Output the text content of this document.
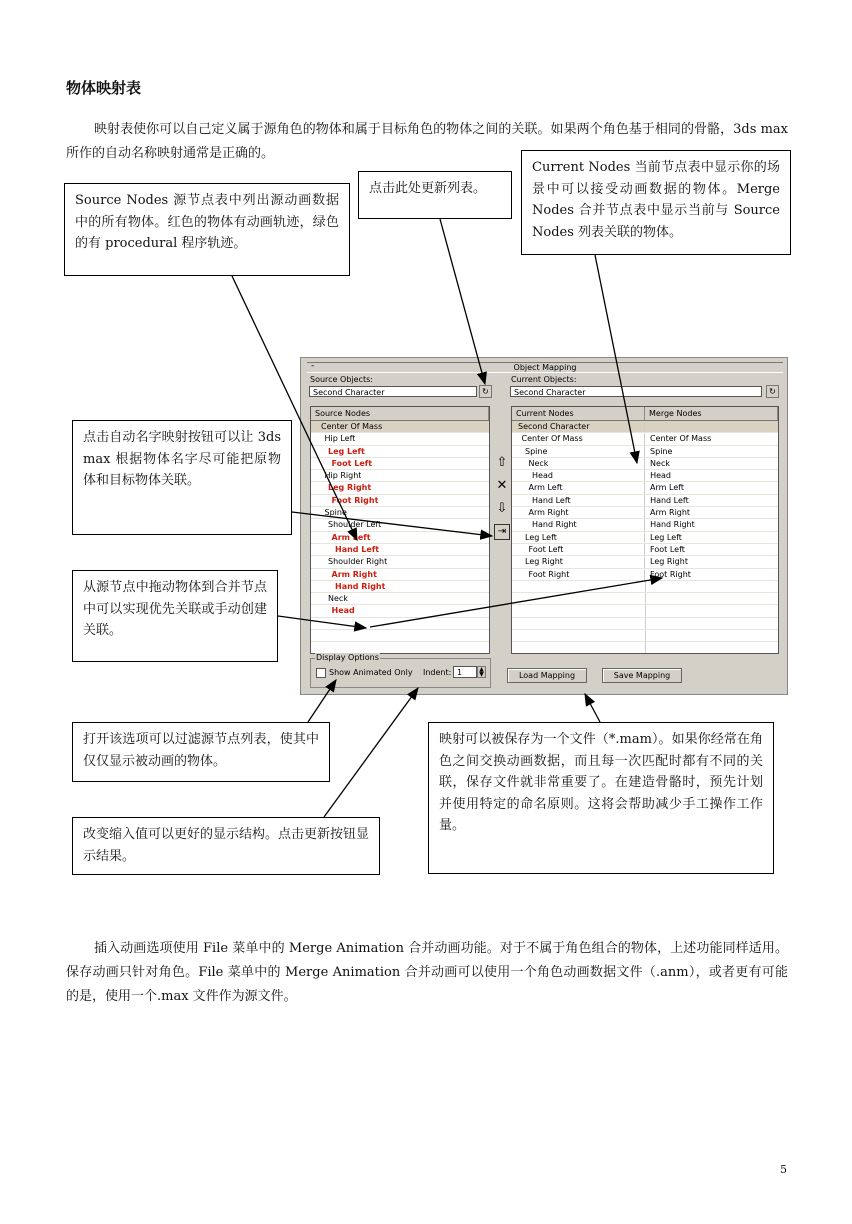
物体映射表
映射表使你可以自己定义属于源角色的物体和属于目标角色的物体之间的关联。如果两个角色基于相同的骨骼，3ds max所作的自动名称映射通常是正确的。
Source Nodes 源节点表中列出源动画数据中的所有物体。红色的物体有动画轨迹，绿色的有 procedural 程序轨迹。
点击此处更新列表。
Current Nodes 当前节点表中显示你的场景中可以接受动画数据的物体。Merge Nodes 合并节点表中显示当前与 Source Nodes 列表关联的物体。
点击自动名字映射按钮可以让 3ds max 根据物体名字尽可能把原物体和目标物体关联。
从源节点中拖动物体到合并节点中可以实现优先关联或手动创建关联。
打开该选项可以过滤源节点列表，使其中仅仅显示被动画的物体。
改变缩入值可以更好的显示结构。点击更新按钮显示结果。
映射可以被保存为一个文件（*.mam）。如果你经常在角色之间交换动画数据，而且每一次匹配时都有不同的关联，保存文件就非常重要了。在建造骨骼时，预先计划并使用特定的命名原则。这将会帮助减少手工操作工作量。
Object Mapping
-
Source Objects:
Second Character	↻
Current Objects:
Second Character	↻
Source Nodes
Center Of Mass
Hip Left
Leg Left
Foot Left
Hip Right
Leg Right
Foot Right
Spine
Shoulder Left
Arm Left
Hand Left
Shoulder Right
Arm Right
Hand Right
Neck
Head
⇧
✕
⇩
⇥
Current Nodes	Merge Nodes
Second Character
Center Of Mass	Center Of Mass
Spine	Spine
Neck	Neck
Head	Head
Arm Left	Arm Left
Hand Left	Hand Left
Arm Right	Arm Right
Hand Right	Hand Right
Leg Left	Leg Left
Foot Left	Foot Left
Leg Right	Leg Right
Foot Right	Foot Right
Display Options
Show Animated Only Indent: 1	▲
▼	Load Mapping	Save Mapping
插入动画选项使用 File 菜单中的 Merge Animation 合并动画功能。对于不属于角色组合的物体，上述功能同样适用。保存动画只针对角色。File 菜单中的 Merge Animation 合并动画可以使用一个角色动画数据文件（.anm），或者更有可能的是，使用一个.max 文件作为源文件。
5
